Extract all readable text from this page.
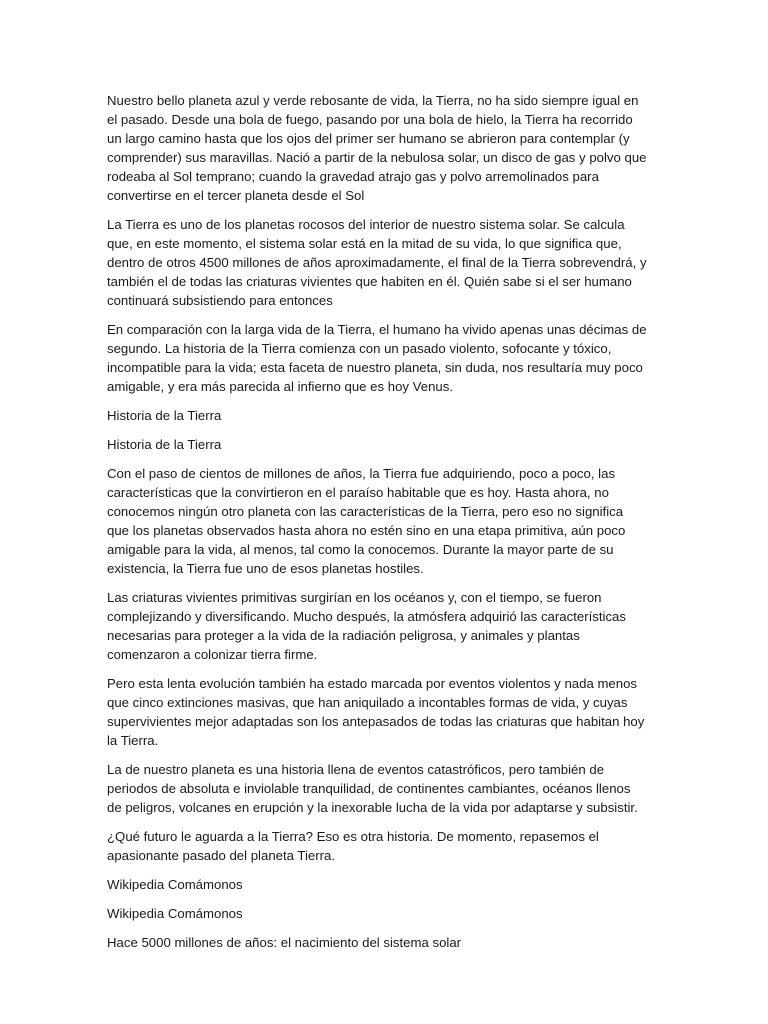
Nuestro bello planeta azul y verde rebosante de vida, la Tierra, no ha sido siempre igual en el pasado. Desde una bola de fuego, pasando por una bola de hielo, la Tierra ha recorrido un largo camino hasta que los ojos del primer ser humano se abrieron para contemplar (y comprender) sus maravillas. Nació a partir de la nebulosa solar, un disco de gas y polvo que rodeaba al Sol temprano; cuando la gravedad atrajo gas y polvo arremolinados para convertirse en el tercer planeta desde el Sol

La Tierra es uno de los planetas rocosos del interior de nuestro sistema solar. Se calcula que, en este momento, el sistema solar está en la mitad de su vida, lo que significa que, dentro de otros 4500 millones de años aproximadamente, el final de la Tierra sobrevendrá, y también el de todas las criaturas vivientes que habiten en él. Quién sabe si el ser humano continuará subsistiendo para entonces

En comparación con la larga vida de la Tierra, el humano ha vivido apenas unas décimas de segundo. La historia de la Tierra comienza con un pasado violento, sofocante y tóxico, incompatible para la vida; esta faceta de nuestro planeta, sin duda, nos resultaría muy poco amigable, y era más parecida al infierno que es hoy Venus.

Historia de la Tierra

Historia de la Tierra

Con el paso de cientos de millones de años, la Tierra fue adquiriendo, poco a poco, las características que la convirtieron en el paraíso habitable que es hoy. Hasta ahora, no conocemos ningún otro planeta con las características de la Tierra, pero eso no significa que los planetas observados hasta ahora no estén sino en una etapa primitiva, aún poco amigable para la vida, al menos, tal como la conocemos. Durante la mayor parte de su existencia, la Tierra fue uno de esos planetas hostiles.

Las criaturas vivientes primitivas surgirían en los océanos y, con el tiempo, se fueron complejizando y diversificando. Mucho después, la atmósfera adquirió las características necesarias para proteger a la vida de la radiación peligrosa, y animales y plantas comenzaron a colonizar tierra firme.

Pero esta lenta evolución también ha estado marcada por eventos violentos y nada menos que cinco extinciones masivas, que han aniquilado a incontables formas de vida, y cuyas supervivientes mejor adaptadas son los antepasados de todas las criaturas que habitan hoy la Tierra.

La de nuestro planeta es una historia llena de eventos catastróficos, pero también de periodos de absoluta e inviolable tranquilidad, de continentes cambiantes, océanos llenos de peligros, volcanes en erupción y la inexorable lucha de la vida por adaptarse y subsistir.

¿Qué futuro le aguarda a la Tierra? Eso es otra historia. De momento, repasemos el apasionante pasado del planeta Tierra.

Wikipedia Comámonos

Wikipedia Comámonos

Hace 5000 millones de años: el nacimiento del sistema solar
